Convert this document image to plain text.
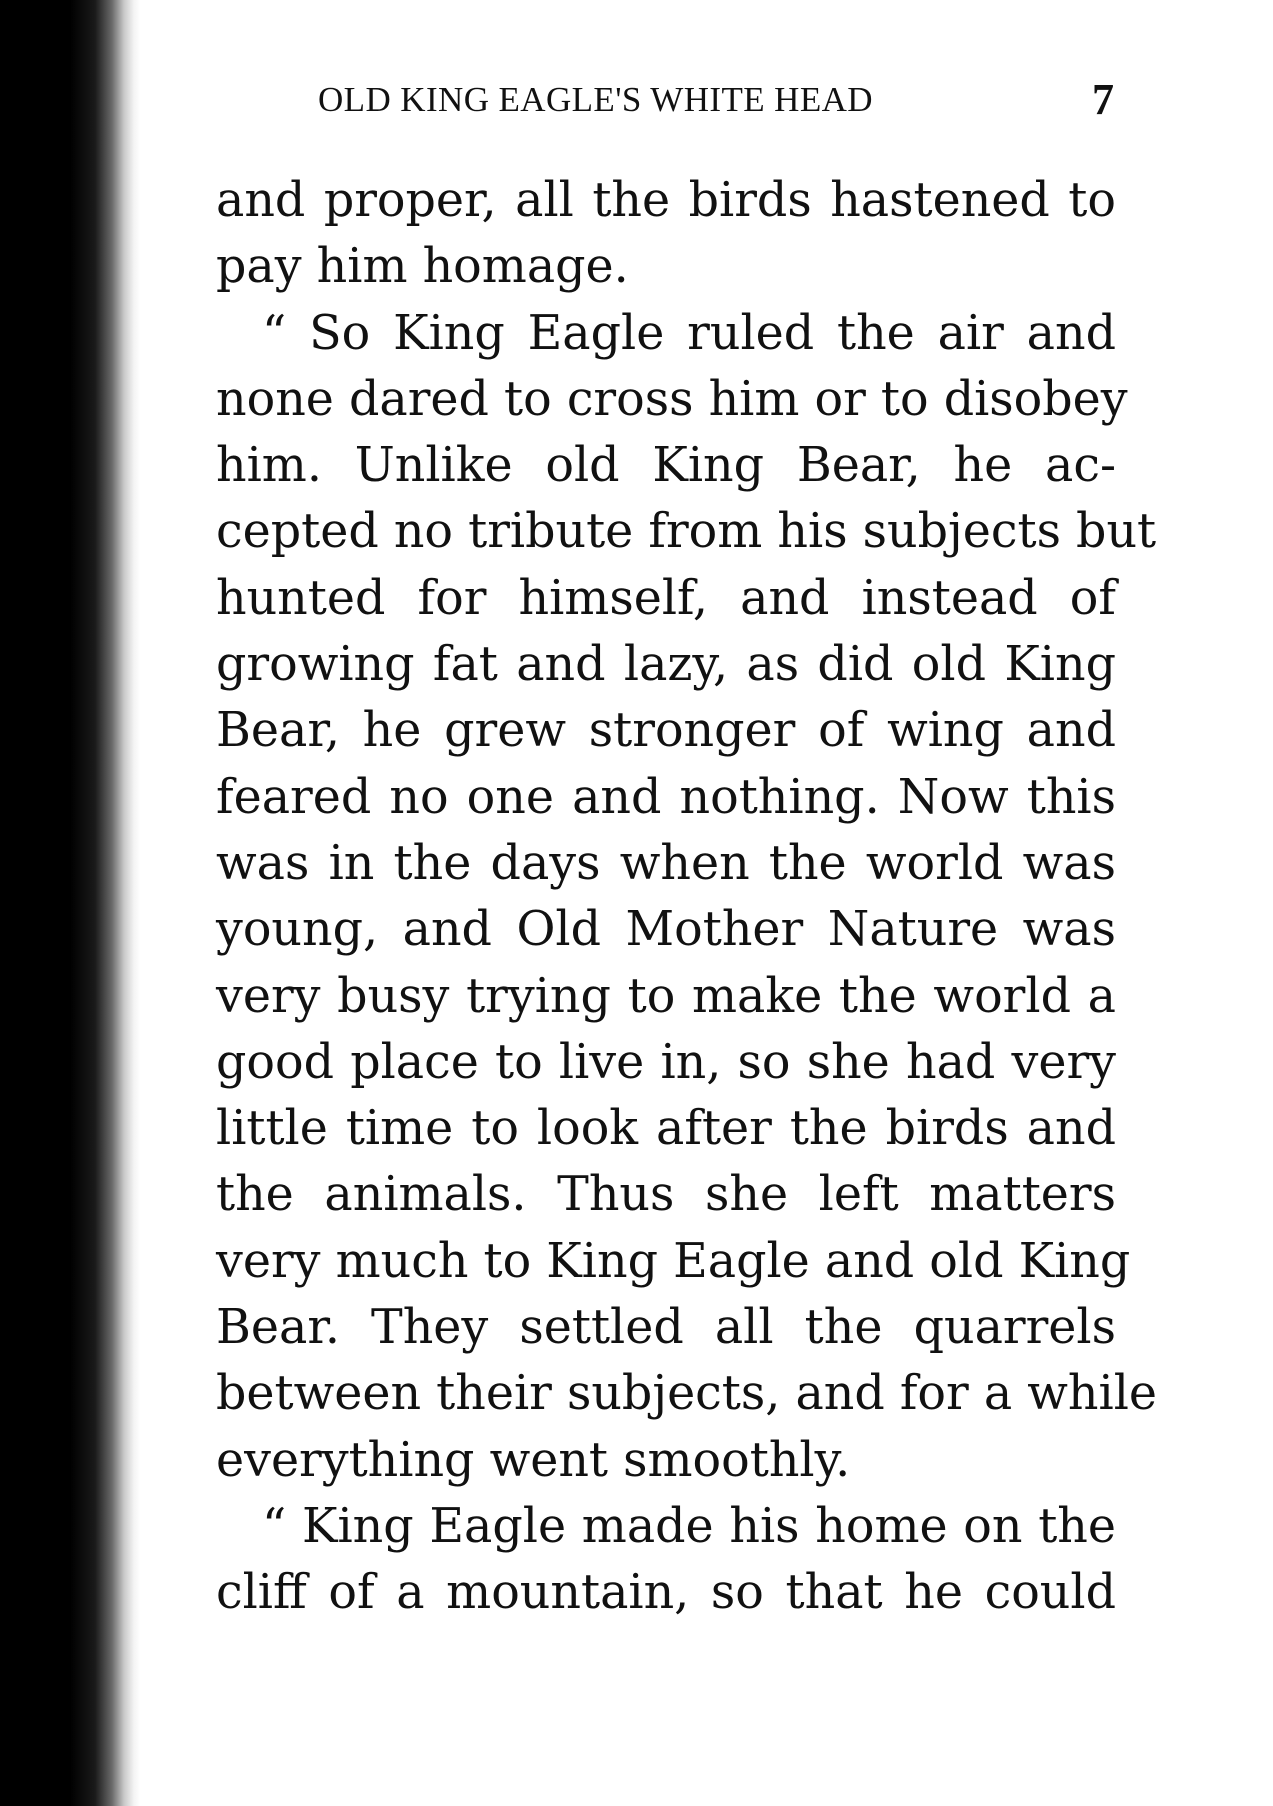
OLD KING EAGLE'S WHITE HEAD	7
and proper, all the birds hastened to
pay him homage.
“ So King Eagle ruled the air and
none dared to cross him or to disobey
him. Unlike old King Bear, he ac-
cepted no tribute from his subjects but
hunted for himself, and instead of
growing fat and lazy, as did old King
Bear, he grew stronger of wing and
feared no one and nothing. Now this
was in the days when the world was
young, and Old Mother Nature was
very busy trying to make the world a
good place to live in, so she had very
little time to look after the birds and
the animals. Thus she left matters
very much to King Eagle and old King
Bear. They settled all the quarrels
between their subjects, and for a while
everything went smoothly.
“ King Eagle made his home on the
cliff of a mountain, so that he could
